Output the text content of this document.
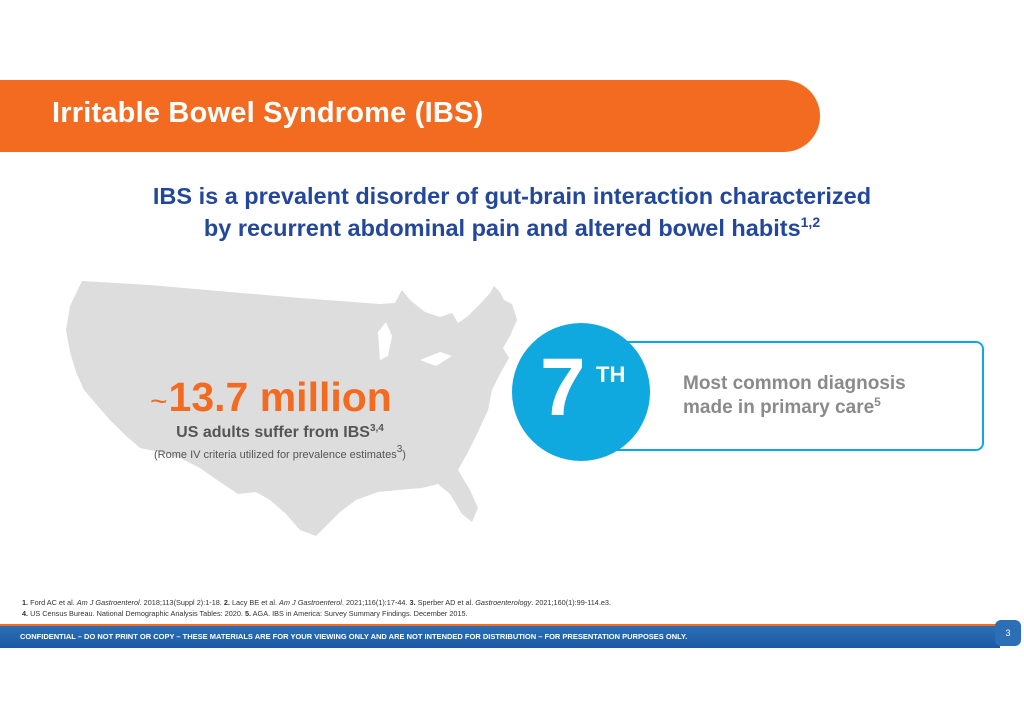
Irritable Bowel Syndrome (IBS)
IBS is a prevalent disorder of gut-brain interaction characterized
by recurrent abdominal pain and altered bowel habits$^{1,2}$
~13.7 million
US adults suffer from IBS$^{3,4}$
(Rome IV criteria utilized for prevalence estimates$^3$)
7 TH	Most common diagnosis
made in primary care$^5$
1. Ford AC et al. Am J Gastroenterol. 2018;113(Suppl 2):1-18. 2. Lacy BE et al. Am J Gastroenterol. 2021;116(1):17-44. 3. Sperber AD et al. Gastroenterology. 2021;160(1):99-114.e3.
4. US Census Bureau. National Demographic Analysis Tables: 2020. 5. AGA. IBS in America: Survey Summary Findings. December 2015.
CONFIDENTIAL – DO NOT PRINT OR COPY – THESE MATERIALS ARE FOR YOUR VIEWING ONLY AND ARE NOT INTENDED FOR DISTRIBUTION – FOR PRESENTATION PURPOSES ONLY.	3
